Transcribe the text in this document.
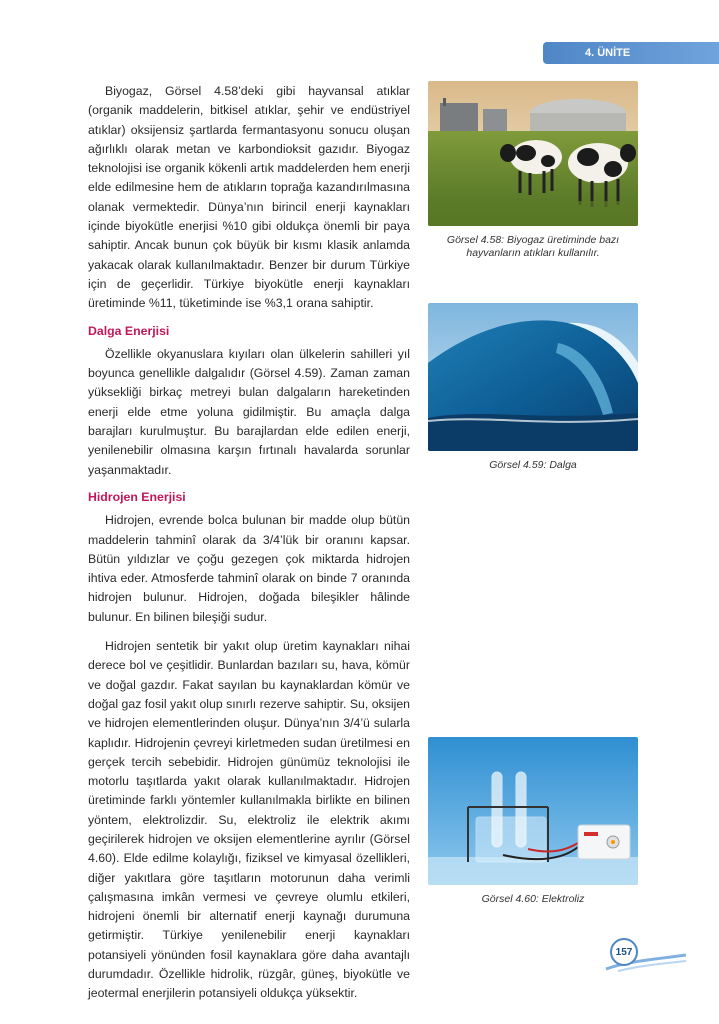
4. ÜNİTE

Biyogaz, Görsel 4.58’deki gibi hayvansal atıklar (organik maddelerin, bitkisel atıklar, şehir ve endüstriyel atıklar) oksijensiz şartlarda fermantasyonu sonucu oluşan ağırlıklı olarak metan ve karbondioksit gazıdır. Biyogaz teknolojisi ise organik kökenli artık maddelerden hem enerji elde edilmesine hem de atıkların toprağa kazandırılmasına olanak vermektedir. Dünya’nın birincil enerji kaynakları içinde biyokütle enerjisi %10 gibi oldukça önemli bir paya sahiptir. Ancak bunun çok büyük bir kısmı klasik anlamda yakacak olarak kullanılmaktadır. Benzer bir durum Türkiye için de geçerlidir. Türkiye biyokütle enerji kaynakları üretiminde %11, tüketiminde ise %3,1 orana sahiptir.

Dalga Enerjisi

Özellikle okyanuslara kıyıları olan ülkelerin sahilleri yıl boyunca genellikle dalgalıdır (Görsel 4.59). Zaman zaman yüksekliği birkaç metreyi bulan dalgaların hareketinden enerji elde etme yoluna gidilmiştir. Bu amaçla dalga barajları kurulmuştur. Bu barajlardan elde edilen enerji, yenilenebilir olmasına karşın fırtınalı havalarda sorunlar yaşanmaktadır.

Hidrojen Enerjisi

Hidrojen, evrende bolca bulunan bir madde olup bütün maddelerin tahminî olarak da 3/4’lük bir oranını kapsar. Bütün yıldızlar ve çoğu gezegen çok miktarda hidrojen ihtiva eder. Atmosferde tahminî olarak on binde 7 oranında hidrojen bulunur. Hidrojen, doğada bileşikler hâlinde bulunur. En bilinen bileşiği sudur.

Hidrojen sentetik bir yakıt olup üretim kaynakları nihai derece bol ve çeşitlidir. Bunlardan bazıları su, hava, kömür ve doğal gazdır. Fakat sayılan bu kaynaklardan kömür ve doğal gaz fosil yakıt olup sınırlı rezerve sahiptir. Su, oksijen ve hidrojen elementlerinden oluşur. Dünya’nın 3/4’ü sularla kaplıdır. Hidrojenin çevreyi kirletmeden sudan üretilmesi en gerçek tercih sebebidir. Hidrojen günümüz teknolojisi ile motorlu taşıtlarda yakıt olarak kullanılmaktadır. Hidrojen üretiminde farklı yöntemler kullanılmakla birlikte en bilinen yöntem, elektrolizdir. Su, elektroliz ile elektrik akımı geçirilerek hidrojen ve oksijen elementlerine ayrılır (Görsel 4.60). Elde edilme kolaylığı, fiziksel ve kimyasal özellikleri, diğer yakıtlara göre taşıtların motorunun daha verimli çalışmasına imkân vermesi ve çevreye olumlu etkileri, hidrojeni önemli bir alternatif enerji kaynağı durumuna getirmiştir. Türkiye yenilenebilir enerji kaynakları potansiyeli yönünden fosil kaynaklara göre daha avantajlı durumdadır. Özellikle hidrolik, rüzgâr, güneş, biyokütle ve jeotermal enerjilerin potansiyeli oldukça yüksektir.

Görsel 4.58: Biyogaz üretiminde bazı hayvanların atıkları kullanılır.
Görsel 4.59: Dalga
Görsel 4.60: Elektroliz
157
